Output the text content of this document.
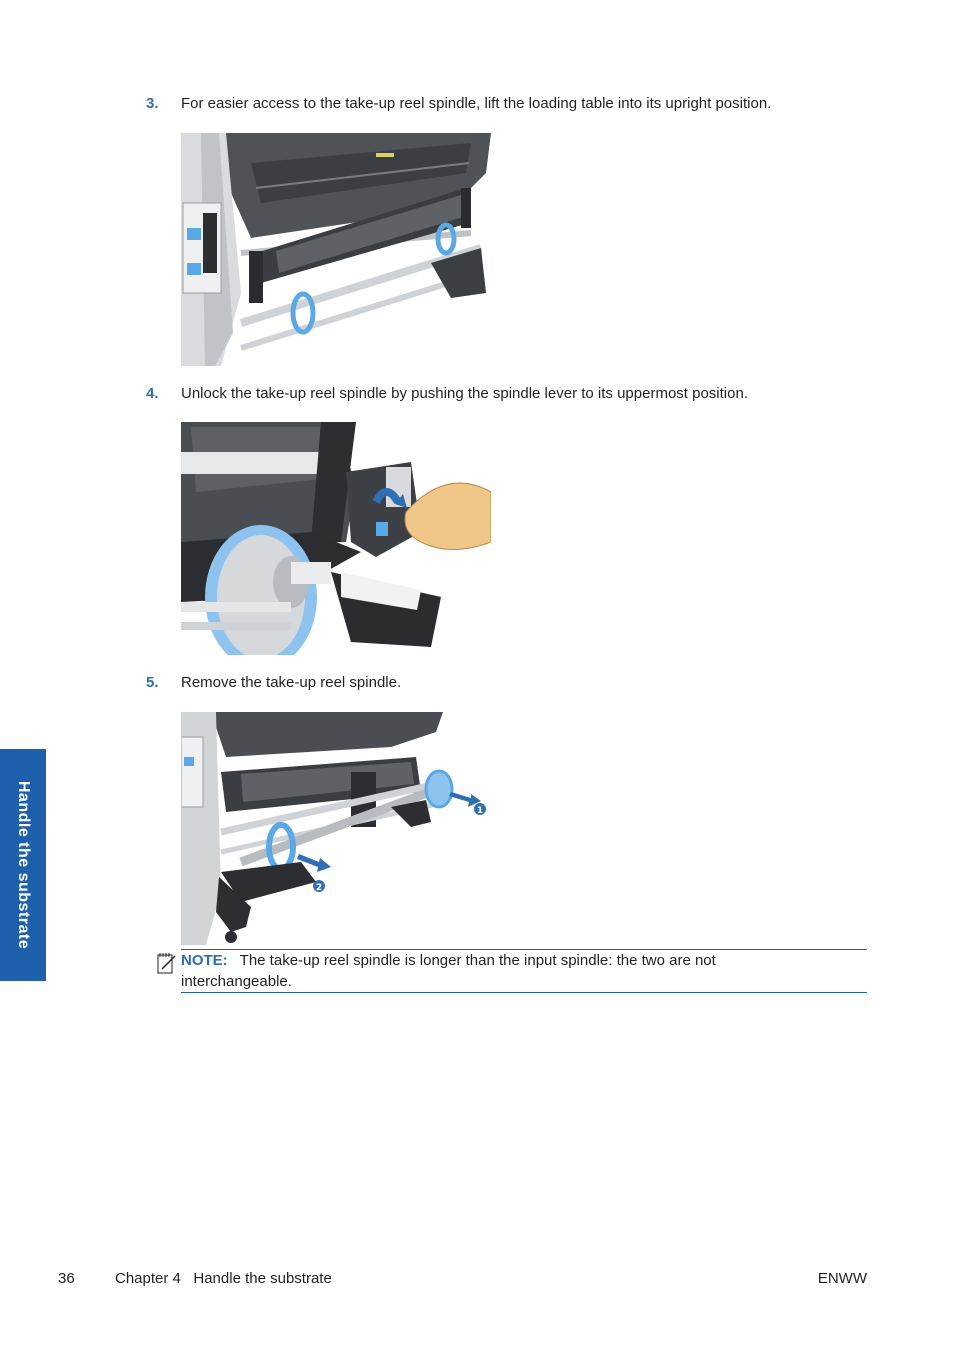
3. For easier access to the take-up reel spindle, lift the loading table into its upright position.
4. Unlock the take-up reel spindle by pushing the spindle lever to its uppermost position.
5. Remove the take-up reel spindle.
1
2
NOTE: The take-up reel spindle is longer than the input spindle: the two are not interchangeable.
Handle the substrate
36	Chapter 4   Handle the substrate	ENWW
